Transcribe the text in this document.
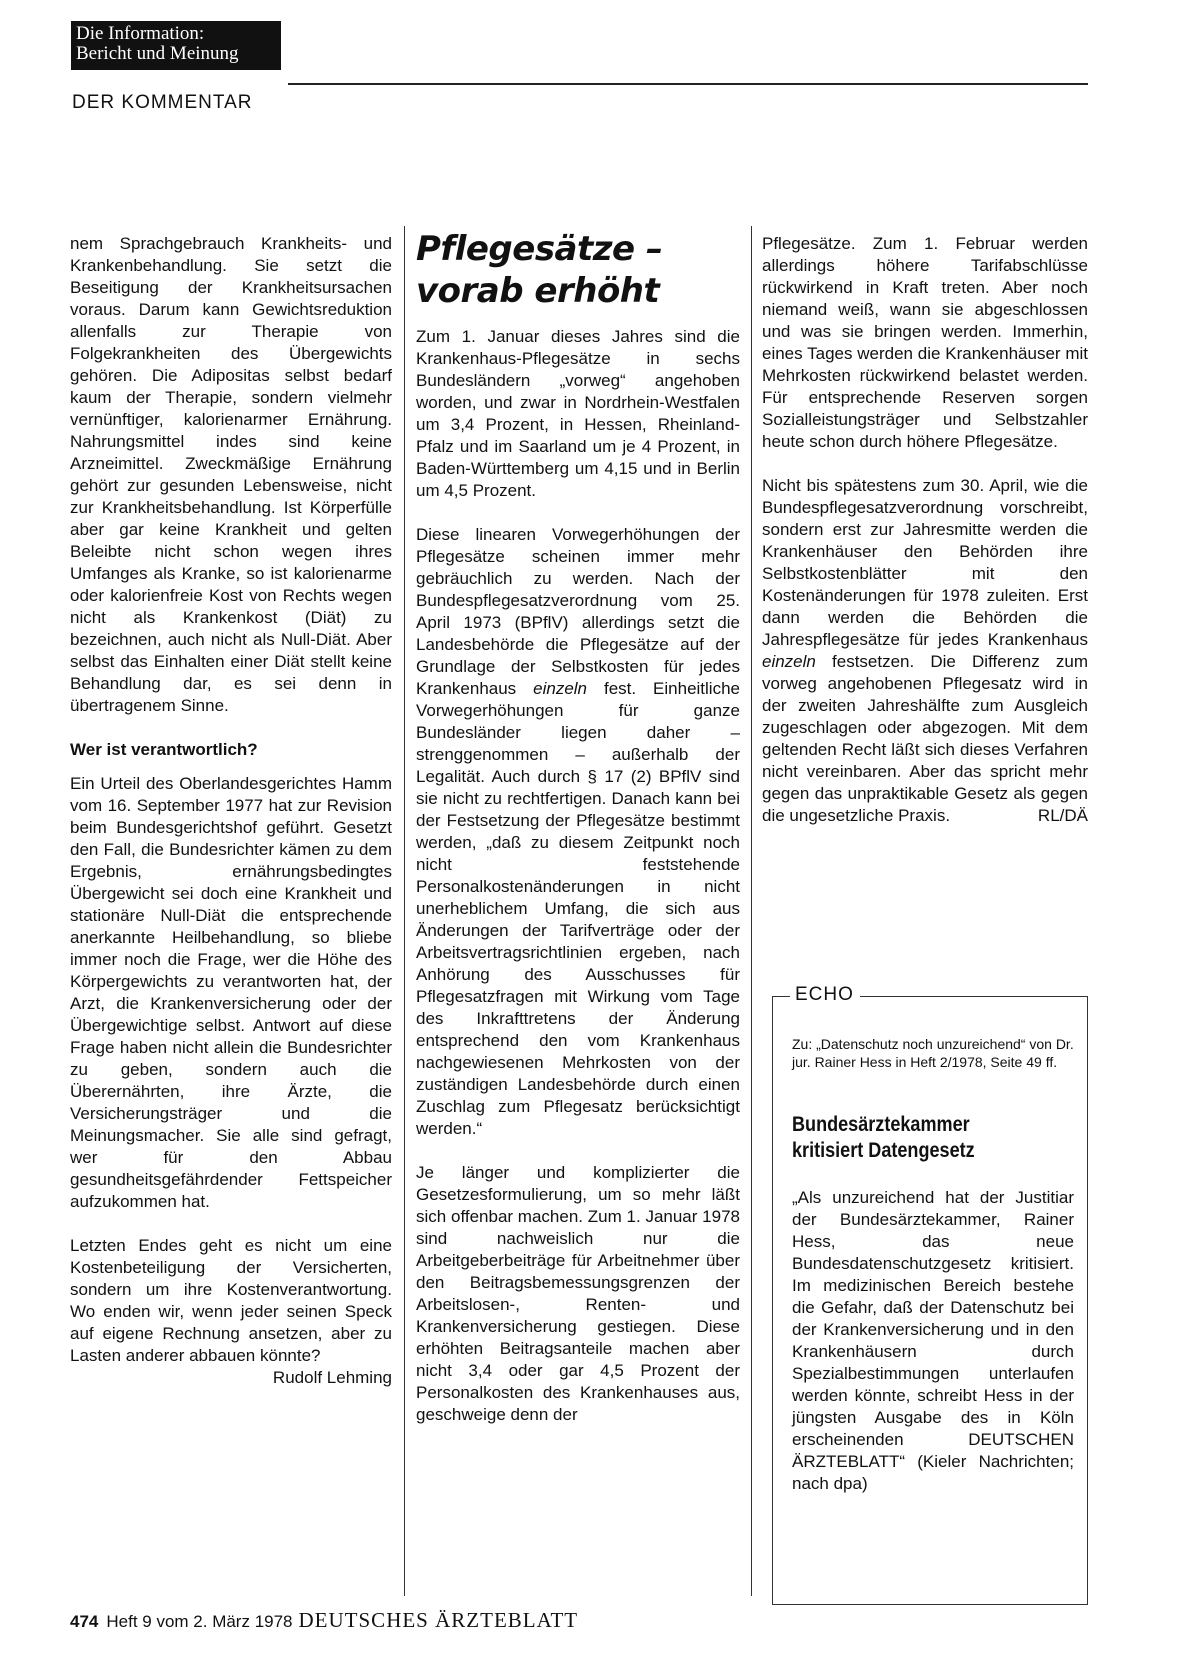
Die Information:
Bericht und Meinung
DER KOMMENTAR

nem Sprachgebrauch Krankheits- und Krankenbehandlung. Sie setzt die Beseitigung der Krankheitsursachen voraus. Darum kann Gewichtsreduktion allenfalls zur Therapie von Folgekrankheiten des Übergewichts gehören. Die Adipositas selbst bedarf kaum der Therapie, sondern vielmehr vernünftiger, kalorienarmer Ernährung. Nahrungsmittel indes sind keine Arzneimittel. Zweckmäßige Ernährung gehört zur gesunden Lebensweise, nicht zur Krankheitsbehandlung. Ist Körperfülle aber gar keine Krankheit und gelten Beleibte nicht schon wegen ihres Umfanges als Kranke, so ist kalorienarme oder kalorienfreie Kost von Rechts wegen nicht als Krankenkost (Diät) zu bezeichnen, auch nicht als Null-Diät. Aber selbst das Einhalten einer Diät stellt keine Behandlung dar, es sei denn in übertragenem Sinne.

Wer ist verantwortlich?

Ein Urteil des Oberlandesgerichtes Hamm vom 16. September 1977 hat zur Revision beim Bundesgerichtshof geführt. Gesetzt den Fall, die Bundesrichter kämen zu dem Ergebnis, ernährungsbedingtes Übergewicht sei doch eine Krankheit und stationäre Null-Diät die entsprechende anerkannte Heilbehandlung, so bliebe immer noch die Frage, wer die Höhe des Körpergewichts zu verantworten hat, der Arzt, die Krankenversicherung oder der Übergewichtige selbst. Antwort auf diese Frage haben nicht allein die Bundesrichter zu geben, sondern auch die Überernährten, ihre Ärzte, die Versicherungsträger und die Meinungsmacher. Sie alle sind gefragt, wer für den Abbau gesundheitsgefährdender Fettspeicher aufzukommen hat.

Letzten Endes geht es nicht um eine Kostenbeteiligung der Versicherten, sondern um ihre Kostenverantwortung. Wo enden wir, wenn jeder seinen Speck auf eigene Rechnung ansetzen, aber zu Lasten anderer abbauen könnte?
Rudolf Lehming

Pflegesätze –
vorab erhöht

Zum 1. Januar dieses Jahres sind die Krankenhaus-Pflegesätze in sechs Bundesländern „vorweg“ angehoben worden, und zwar in Nordrhein-Westfalen um 3,4 Prozent, in Hessen, Rheinland-Pfalz und im Saarland um je 4 Prozent, in Baden-Württemberg um 4,15 und in Berlin um 4,5 Prozent.

Diese linearen Vorwegerhöhungen der Pflegesätze scheinen immer mehr gebräuchlich zu werden. Nach der Bundespflegesatzverordnung vom 25. April 1973 (BPflV) allerdings setzt die Landesbehörde die Pflegesätze auf der Grundlage der Selbstkosten für jedes Krankenhaus einzeln fest. Einheitliche Vorwegerhöhungen für ganze Bundesländer liegen daher – strenggenommen – außerhalb der Legalität. Auch durch § 17 (2) BPflV sind sie nicht zu rechtfertigen. Danach kann bei der Festsetzung der Pflegesätze bestimmt werden, „daß zu diesem Zeitpunkt noch nicht feststehende Personalkostenänderungen in nicht unerheblichem Umfang, die sich aus Änderungen der Tarifverträge oder der Arbeitsvertragsrichtlinien ergeben, nach Anhörung des Ausschusses für Pflegesatzfragen mit Wirkung vom Tage des Inkrafttretens der Änderung entsprechend den vom Krankenhaus nachgewiesenen Mehrkosten von der zuständigen Landesbehörde durch einen Zuschlag zum Pflegesatz berücksichtigt werden.“

Je länger und komplizierter die Gesetzesformulierung, um so mehr läßt sich offenbar machen. Zum 1. Januar 1978 sind nachweislich nur die Arbeitgeberbeiträge für Arbeitnehmer über den Beitragsbemessungsgrenzen der Arbeitslosen-, Renten- und Krankenversicherung gestiegen. Diese erhöhten Beitragsanteile machen aber nicht 3,4 oder gar 4,5 Prozent der Personalkosten des Krankenhauses aus, geschweige denn der

Pflegesätze. Zum 1. Februar werden allerdings höhere Tarifabschlüsse rückwirkend in Kraft treten. Aber noch niemand weiß, wann sie abgeschlossen und was sie bringen werden. Immerhin, eines Tages werden die Krankenhäuser mit Mehrkosten rückwirkend belastet werden. Für entsprechende Reserven sorgen Sozialleistungsträger und Selbstzahler heute schon durch höhere Pflegesätze.

Nicht bis spätestens zum 30. April, wie die Bundespflegesatzverordnung vorschreibt, sondern erst zur Jahresmitte werden die Krankenhäuser den Behörden ihre Selbstkostenblätter mit den Kostenänderungen für 1978 zuleiten. Erst dann werden die Behörden die Jahrespflegesätze für jedes Krankenhaus einzeln festsetzen. Die Differenz zum vorweg angehobenen Pflegesatz wird in der zweiten Jahreshälfte zum Ausgleich zugeschlagen oder abgezogen. Mit dem geltenden Recht läßt sich dieses Verfahren nicht vereinbaren. Aber das spricht mehr gegen das unpraktikable Gesetz als gegen die ungesetzliche Praxis.	RL/DÄ

ECHO
Zu: „Datenschutz noch unzureichend“ von Dr. jur. Rainer Hess in Heft 2/1978, Seite 49 ff.
Bundesärztekammer
kritisiert Datengesetz
„Als unzureichend hat der Justitiar der Bundesärztekammer, Rainer Hess, das neue Bundesdatenschutzgesetz kritisiert. Im medizinischen Bereich bestehe die Gefahr, daß der Datenschutz bei der Krankenversicherung und in den Krankenhäusern durch Spezialbestimmungen unterlaufen werden könnte, schreibt Hess in der jüngsten Ausgabe des in Köln erscheinenden DEUTSCHEN ÄRZTEBLATT“ (Kieler Nachrichten; nach dpa)
474 Heft 9 vom 2. März 1978 DEUTSCHES ÄRZTEBLATT
